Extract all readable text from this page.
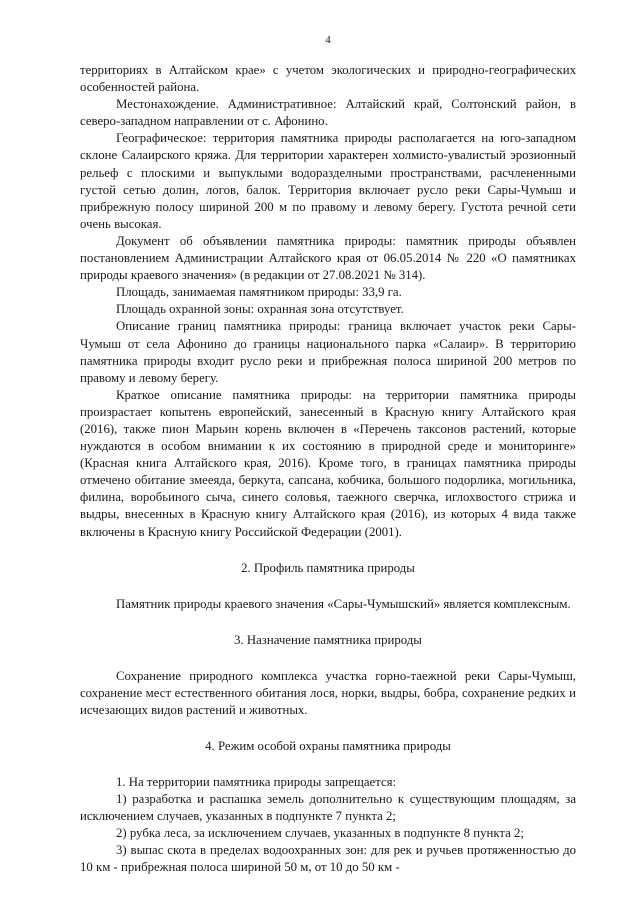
4

территориях в Алтайском крае» с учетом экологических и природно-географических особенностей района.

Местонахождение. Административное: Алтайский край, Солтонский район, в северо-западном направлении от с. Афонино.

Географическое: территория памятника природы располагается на юго-западном склоне Салаирского кряжа. Для территории характерен холмисто-увалистый эрозионный рельеф с плоскими и выпуклыми водоразделными пространствами, расчлененными густой сетью долин, логов, балок. Территория включает русло реки Сары-Чумыш и прибрежную полосу шириной 200 м по правому и левому берегу. Густота речной сети очень высокая.

Документ об объявлении памятника природы: памятник природы объявлен постановлением Администрации Алтайского края от 06.05.2014 № 220 «О памятниках природы краевого значения» (в редакции от 27.08.2021 № 314).

Площадь, занимаемая памятником природы: 33,9 га.

Площадь охранной зоны: охранная зона отсутствует.

Описание границ памятника природы: граница включает участок реки Сары-Чумыш от села Афонино до границы национального парка «Салаир». В территорию памятника природы входит русло реки и прибрежная полоса шириной 200 метров по правому и левому берегу.

Краткое описание памятника природы: на территории памятника природы произрастает копытень европейский, занесенный в Красную книгу Алтайского края (2016), также пион Марьин корень включен в «Перечень таксонов растений, которые нуждаются в особом внимании к их состоянию в природной среде и мониторинге» (Красная книга Алтайского края, 2016). Кроме того, в границах памятника природы отмечено обитание змееяда, беркута, сапсана, кобчика, большого подорлика, могильника, филина, воробьиного сыча, синего соловья, таежного сверчка, иглохвостого стрижа и выдры, внесенных в Красную книгу Алтайского края (2016), из которых 4 вида также включены в Красную книгу Российской Федерации (2001).

2. Профиль памятника природы

Памятник природы краевого значения «Сары-Чумышский» является комплексным.

3. Назначение памятника природы

Сохранение природного комплекса участка горно-таежной реки Сары-Чумыш, сохранение мест естественного обитания лося, норки, выдры, бобра, сохранение редких и исчезающих видов растений и животных.

4. Режим особой охраны памятника природы

1. На территории памятника природы запрещается:

1) разработка и распашка земель дополнительно к существующим площадям, за исключением случаев, указанных в подпункте 7 пункта 2;

2) рубка леса, за исключением случаев, указанных в подпункте 8 пункта 2;

3) выпас скота в пределах водоохранных зон: для рек и ручьев протяженностью до 10 км - прибрежная полоса шириной 50 м, от 10 до 50 км -
